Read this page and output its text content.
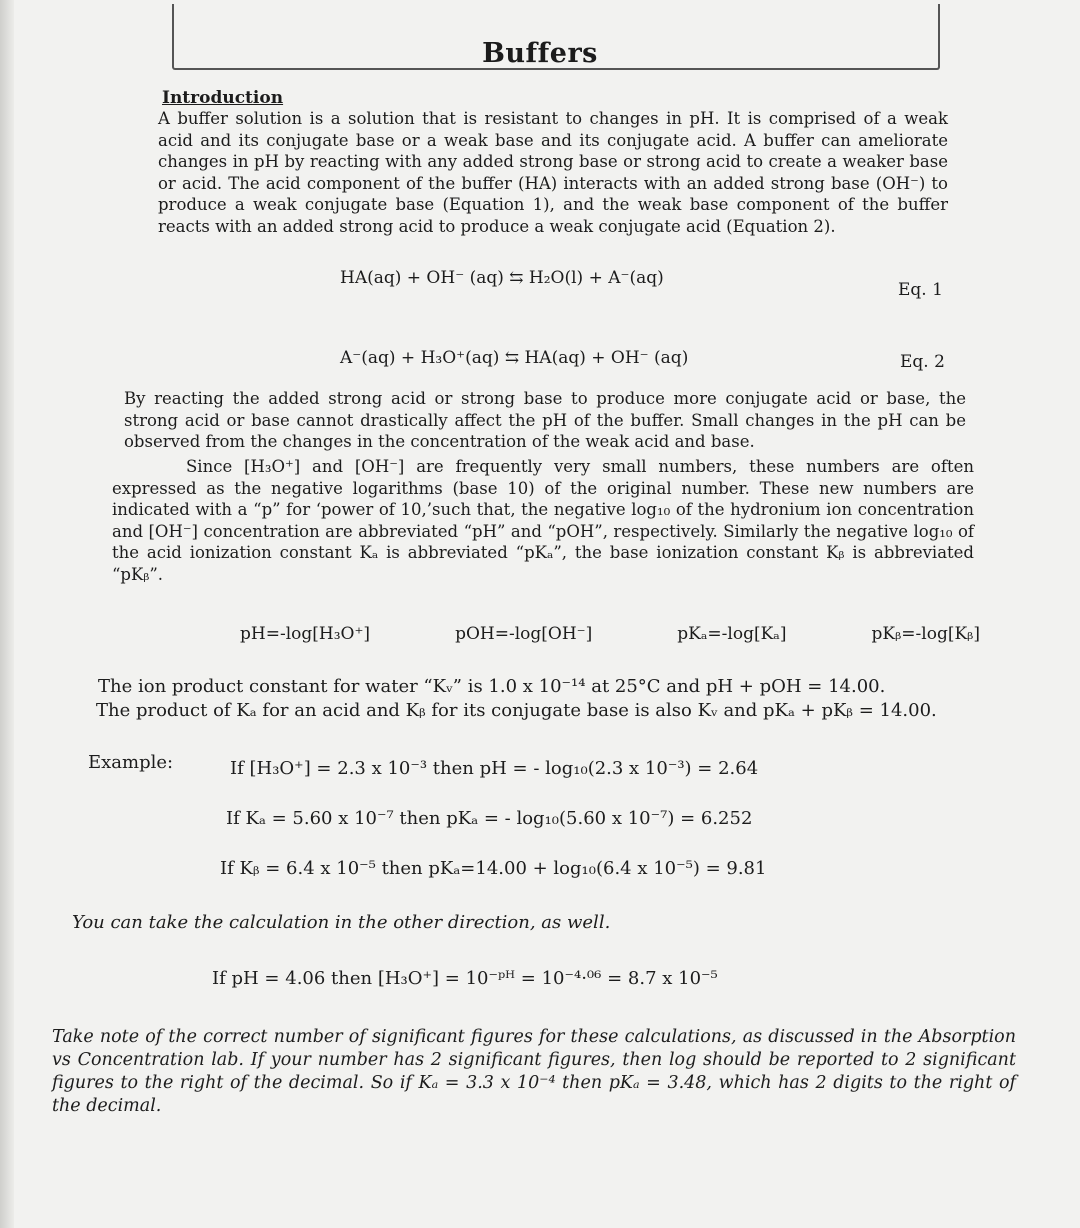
Buffers
Introduction
A buffer solution is a solution that is resistant to changes in pH. It is comprised of a weak acid and its conjugate base or a weak base and its conjugate acid. A buffer can ameliorate changes in pH by reacting with any added strong base or strong acid to create a weaker base or acid. The acid component of the buffer (HA) interacts with an added strong base (OH⁻) to produce a weak conjugate base (Equation 1), and the weak base component of the buffer reacts with an added strong acid to produce a weak conjugate acid (Equation 2).
HA(aq) + OH⁻ (aq) ⇆ H₂O(l) + A⁻(aq)
Eq. 1
A⁻(aq) + H₃O⁺(aq) ⇆ HA(aq) + OH⁻ (aq)	Eq. 2
By reacting the added strong acid or strong base to produce more conjugate acid or base, the strong acid or base cannot drastically affect the pH of the buffer. Small changes in the pH can be observed from the changes in the concentration of the weak acid and base.
Since [H₃O⁺] and [OH⁻] are frequently very small numbers, these numbers are often expressed as the negative logarithms (base 10) of the original number. These new numbers are indicated with a “p” for ‘power of 10,’such that, the negative log₁₀ of the hydronium ion concentration and [OH⁻] concentration are abbreviated “pH” and “pOH”, respectively. Similarly the negative log₁₀ of the acid ionization constant Kₐ is abbreviated “pKₐ”, the base ionization constant Kᵦ is abbreviated “pKᵦ”.
pH=-log[H₃O⁺]	pOH=-log[OH⁻]	pKₐ=-log[Kₐ]	pKᵦ=-log[Kᵦ]
The ion product constant for water “Kᵥ” is 1.0 x 10⁻¹⁴ at 25°C and pH + pOH = 14.00.
The product of Kₐ for an acid and Kᵦ for its conjugate base is also Kᵥ and pKₐ + pKᵦ = 14.00.
Example:	If [H₃O⁺] = 2.3 x 10⁻³ then pH = - log₁₀(2.3 x 10⁻³) = 2.64
If Kₐ = 5.60 x 10⁻⁷ then pKₐ = - log₁₀(5.60 x 10⁻⁷) = 6.252
If Kᵦ = 6.4 x 10⁻⁵ then pKₐ=14.00 + log₁₀(6.4 x 10⁻⁵) = 9.81
You can take the calculation in the other direction, as well.
If pH = 4.06 then [H₃O⁺] = 10⁻ᵖᴴ = 10⁻⁴·⁰⁶ = 8.7 x 10⁻⁵
Take note of the correct number of significant figures for these calculations, as discussed in the Absorption vs Concentration lab. If your number has 2 significant figures, then log should be reported to 2 significant figures to the right of the decimal. So if Kₐ = 3.3 x 10⁻⁴ then pKₐ = 3.48, which has 2 digits to the right of the decimal.
